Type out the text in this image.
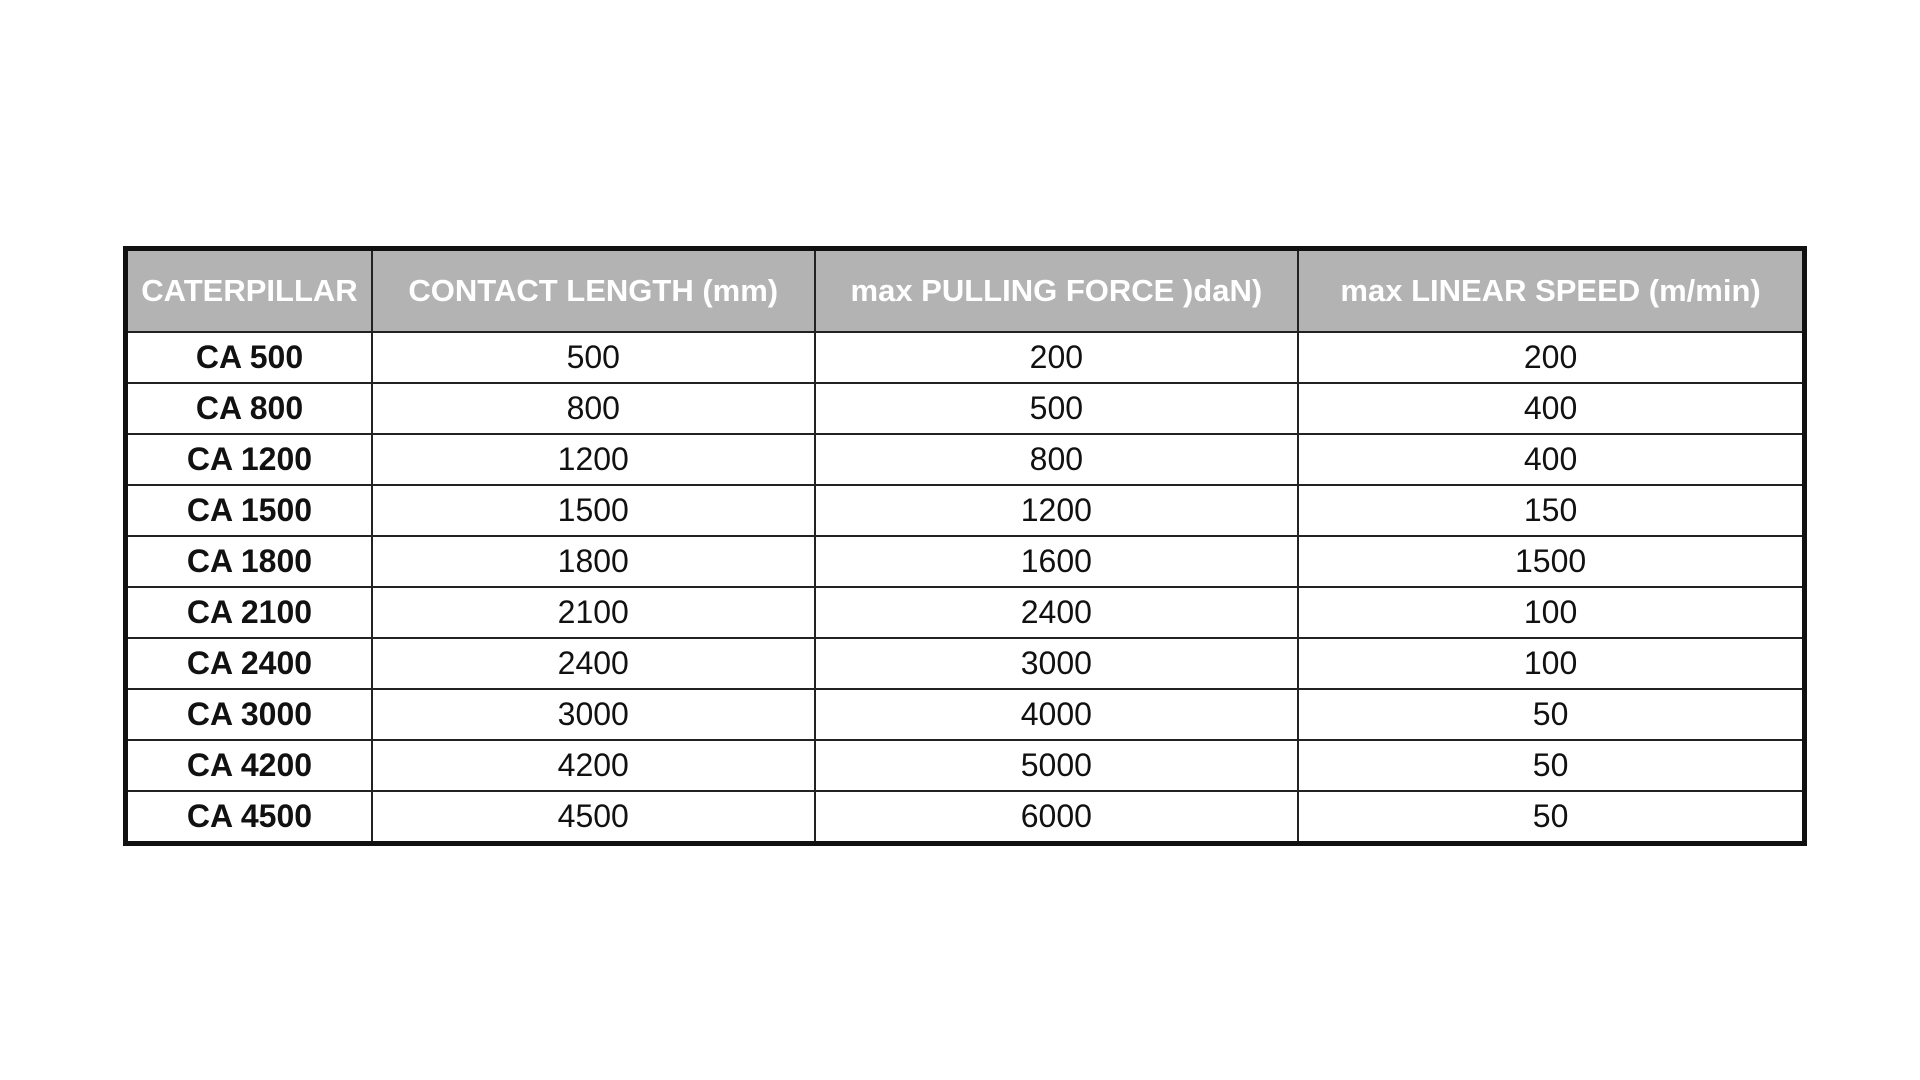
CATERPILLAR	CONTACT LENGTH (mm)	max PULLING FORCE )daN)	max LINEAR SPEED (m/min)
CA 500	500	200	200
CA 800	800	500	400
CA 1200	1200	800	400
CA 1500	1500	1200	150
CA 1800	1800	1600	1500
CA 2100	2100	2400	100
CA 2400	2400	3000	100
CA 3000	3000	4000	50
CA 4200	4200	5000	50
CA 4500	4500	6000	50
